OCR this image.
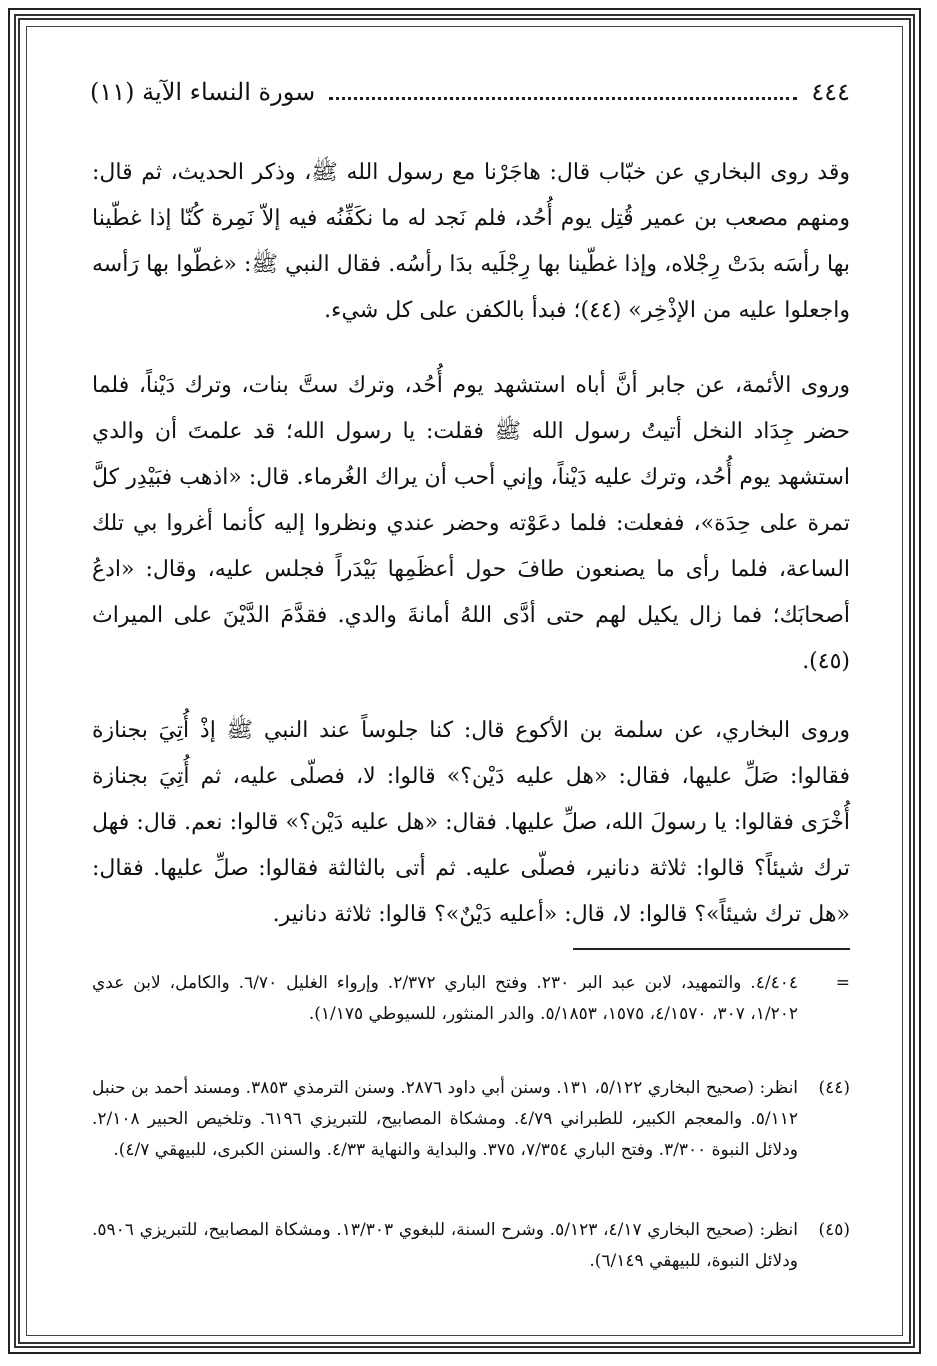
٤٤٤
سورة النساء الآية (١١)

وقد روى البخاري عن خبّاب قال: هاجَرْنا مع رسول الله ﷺ، وذكر الحديث، ثم قال: ومنهم مصعب بن عمير قُتِل يوم أُحُد، فلم نَجد له ما نكَفِّنُه فيه إلاّ نَمِرة كُنّا إذا غطّينا بها رأسَه بدَتْ رِجْلاه، وإذا غطّينا بها رِجْلَيه بدَا رأسُه. فقال النبي ﷺ: «غطّوا بها رَأسه واجعلوا عليه من الإذْخِر» (٤٤)؛ فبدأ بالكفن على كل شيء.

وروى الأئمة، عن جابر أنَّ أباه استشهد يوم أُحُد، وترك ستَّ بنات، وترك دَيْناً، فلما حضر جِدَاد النخل أتيتُ رسول الله ﷺ فقلت: يا رسول الله؛ قد علمتَ أن والدي استشهد يوم أُحُد، وترك عليه دَيْناً، وإني أحب أن يراك الغُرماء. قال: «اذهب فبَيْدِر كلَّ تمرة على حِدَة»، ففعلت: فلما دعَوْته وحضر عندي ونظروا إليه كأنما أغروا بي تلك الساعة، فلما رأى ما يصنعون طافَ حول أعظَمِها بَيْدَراً فجلس عليه، وقال: «ادعُ أصحابَك؛ فما زال يكيل لهم حتى أدَّى اللهُ أمانةَ والدي. فقدَّمَ الدَّيْنَ على الميراث (٤٥).

وروى البخاري، عن سلمة بن الأكوع قال: كنا جلوساً عند النبي ﷺ إذْ أُتِيَ بجنازة فقالوا: صَلِّ عليها، فقال: «هل عليه دَيْن؟» قالوا: لا، فصلّى عليه، ثم أُتِيَ بجنازة أُخْرَى فقالوا: يا رسولَ الله، صلِّ عليها. فقال: «هل عليه دَيْن؟» قالوا: نعم. قال: فهل ترك شيئاً؟ قالوا: ثلاثة دنانير، فصلّى عليه. ثم أتى بالثالثة فقالوا: صلِّ عليها. فقال: «هل ترك شيئاً»؟ قالوا: لا، قال: «أعليه دَيْنٌ»؟ قالوا: ثلاثة دنانير.

=
٤/٤٠٤. والتمهيد، لابن عبد البر ٢٣٠. وفتح الباري ٢/٣٧٢. وإرواء الغليل ٦/٧٠. والكامل، لابن عدي ١/٢٠٢، ٣٠٧، ٤/١٥٧٠، ١٥٧٥، ٥/١٨٥٣. والدر المنثور، للسيوطي ١/١٧٥).
(٤٤)
انظر: (صحيح البخاري ٥/١٢٢، ١٣١. وسنن أبي داود ٢٨٧٦. وسنن الترمذي ٣٨٥٣. ومسند أحمد بن حنبل ٥/١١٢. والمعجم الكبير، للطبراني ٤/٧٩. ومشكاة المصابيح، للتبريزي ٦١٩٦. وتلخيص الحبير ٢/١٠٨. ودلائل النبوة ٣/٣٠٠. وفتح الباري ٧/٣٥٤، ٣٧٥. والبداية والنهاية ٤/٣٣. والسنن الكبرى، للبيهقي ٤/٧).
(٤٥)
انظر: (صحيح البخاري ٤/١٧، ٥/١٢٣. وشرح السنة، للبغوي ١٣/٣٠٣. ومشكاة المصابيح، للتبريزي ٥٩٠٦. ودلائل النبوة، للبيهقي ٦/١٤٩).
